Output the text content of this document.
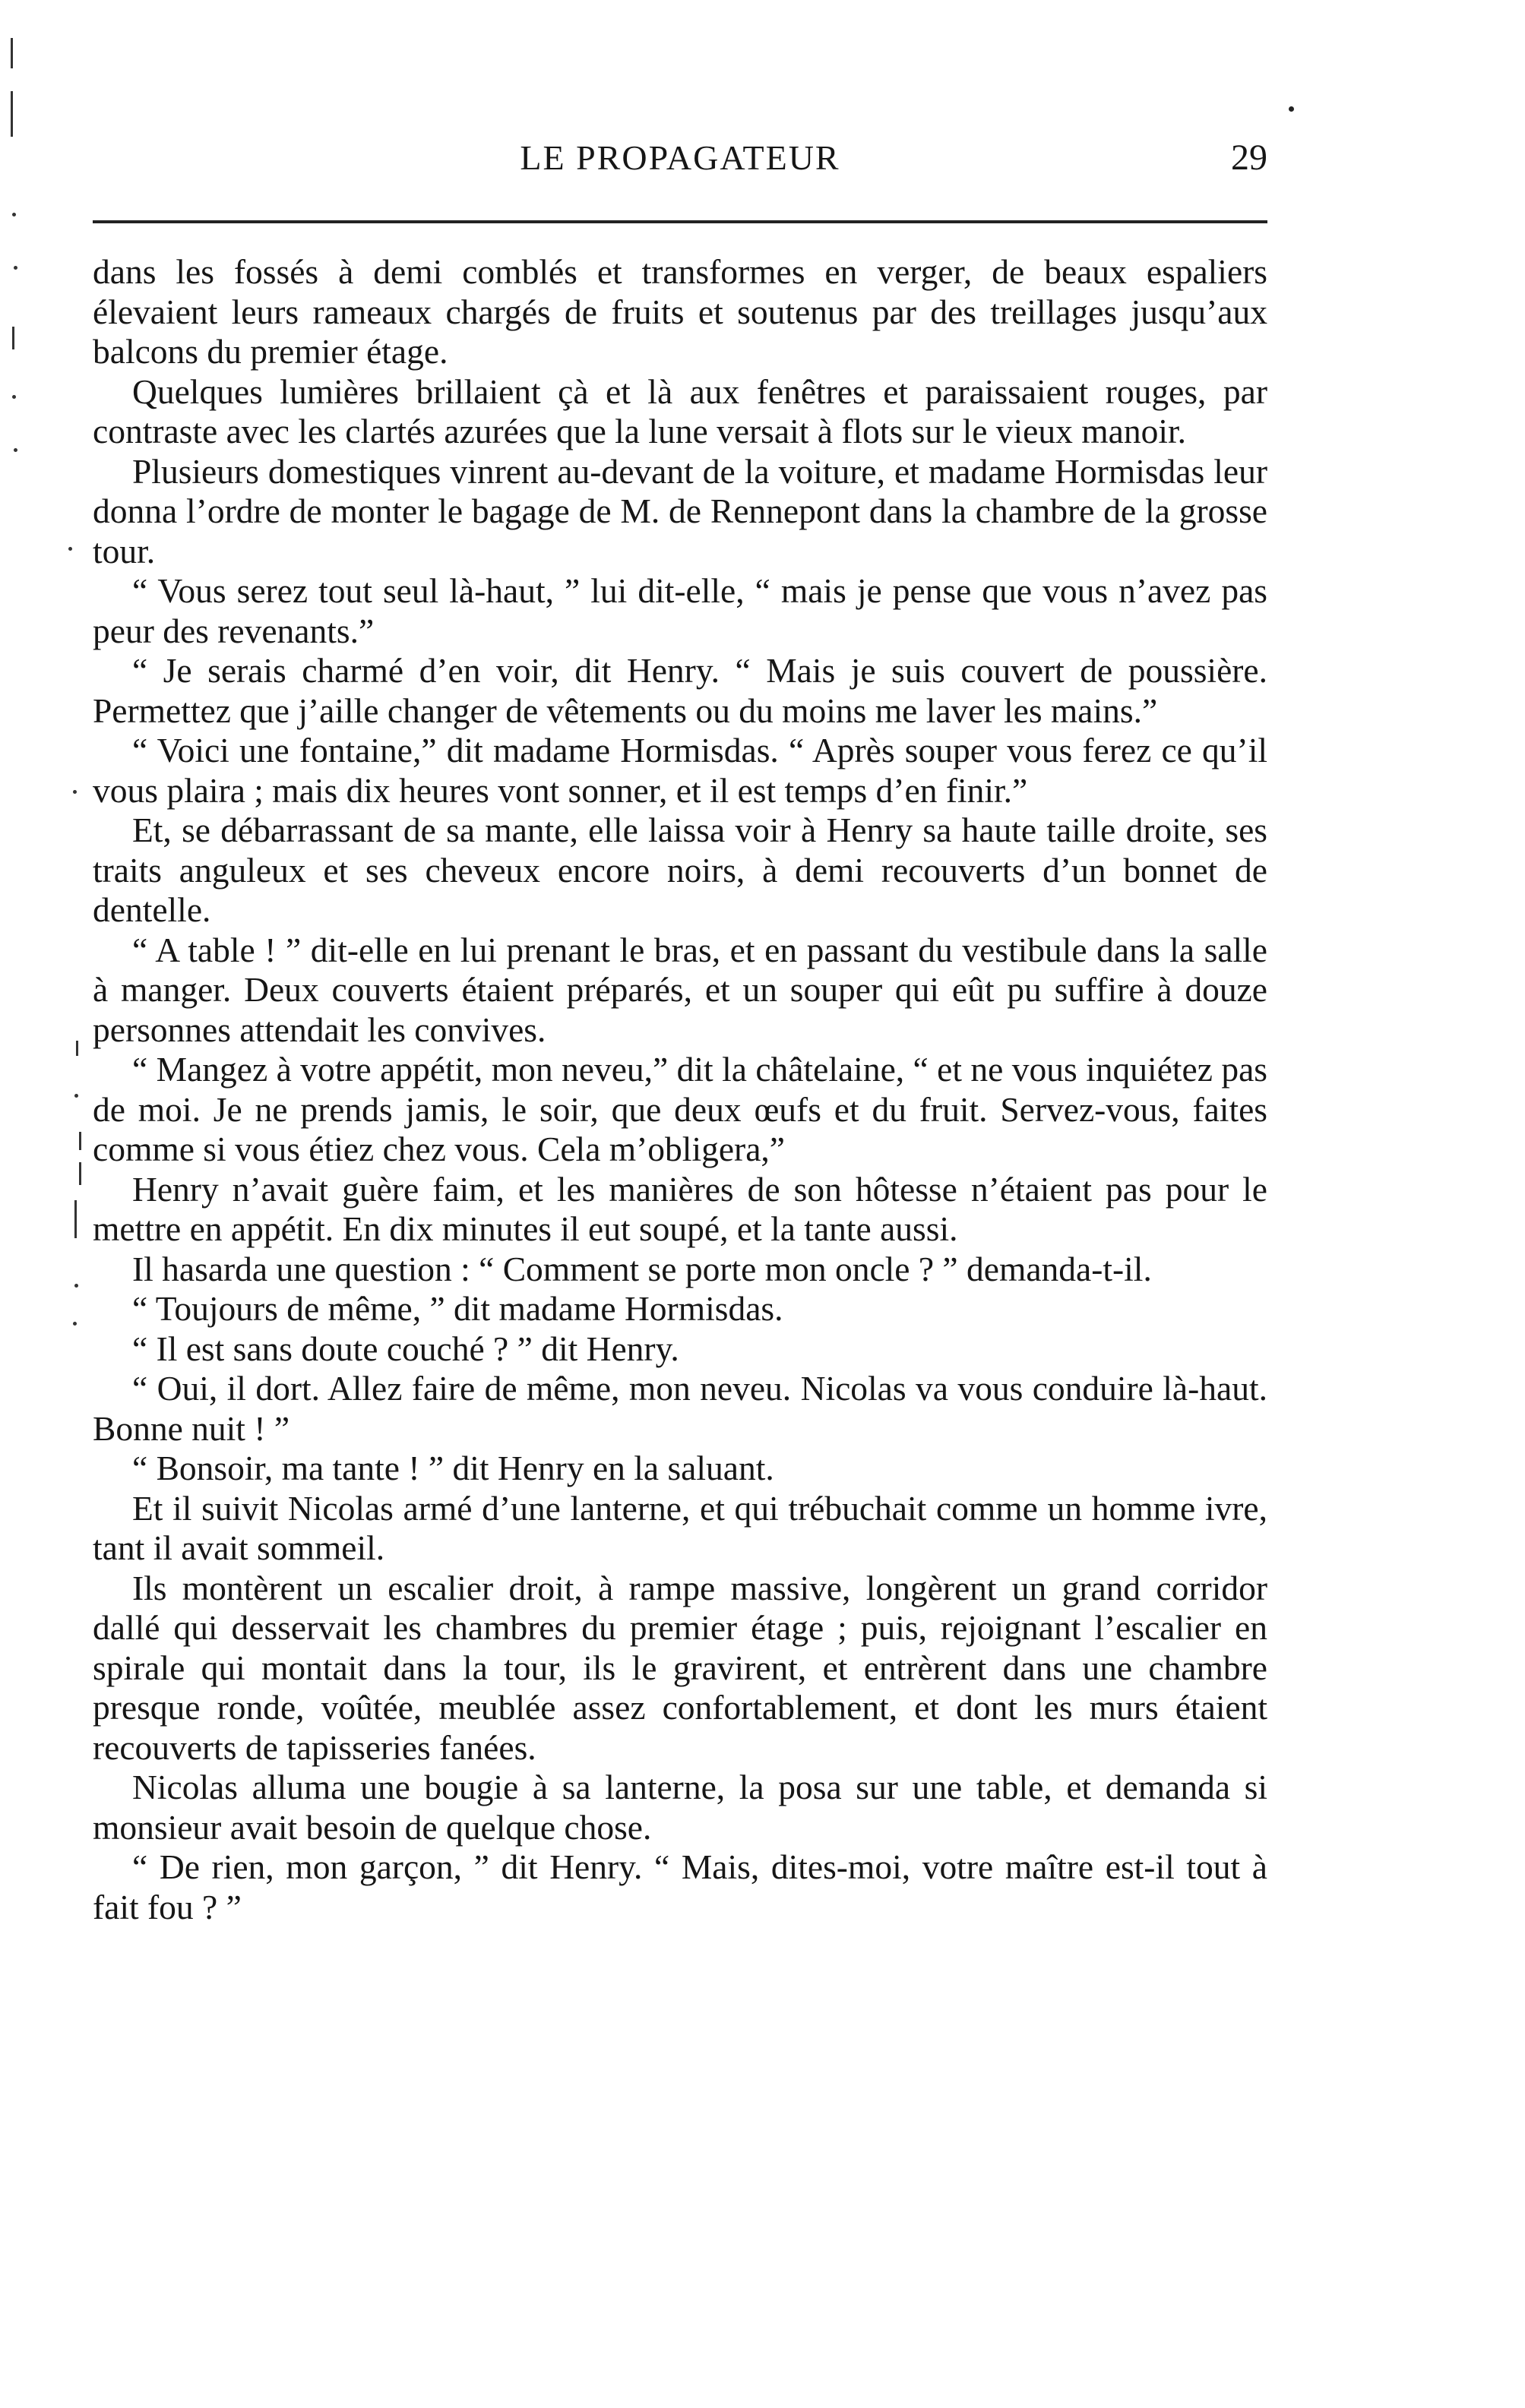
LE PROPAGATEUR	29

dans les fossés à demi comblés et transformes en verger, de beaux espaliers élevaient leurs rameaux chargés de fruits et soutenus par des treillages jusqu’aux balcons du premier étage.

Quelques lumières brillaient çà et là aux fenêtres et paraissaient rouges, par contraste avec les clartés azurées que la lune versait à flots sur le vieux manoir.

Plusieurs domestiques vinrent au-devant de la voiture, et madame Hormisdas leur donna l’ordre de monter le bagage de M. de Rennepont dans la chambre de la grosse tour.

“ Vous serez tout seul là-haut, ” lui dit-elle, “ mais je pense que vous n’avez pas peur des revenants.”

“ Je serais charmé d’en voir, dit Henry. “ Mais je suis couvert de poussière. Permettez que j’aille changer de vêtements ou du moins me laver les mains.”

“ Voici une fontaine,” dit madame Hormisdas. “ Après souper vous ferez ce qu’il vous plaira ; mais dix heures vont sonner, et il est temps d’en finir.”

Et, se débarrassant de sa mante, elle laissa voir à Henry sa haute taille droite, ses traits anguleux et ses cheveux encore noirs, à demi recouverts d’un bonnet de dentelle.

“ A table ! ” dit-elle en lui prenant le bras, et en passant du vestibule dans la salle à manger. Deux couverts étaient préparés, et un souper qui eût pu suffire à douze personnes attendait les convives.

“ Mangez à votre appétit, mon neveu,” dit la châtelaine, “ et ne vous inquiétez pas de moi. Je ne prends jamis, le soir, que deux œufs et du fruit. Servez-vous, faites comme si vous étiez chez vous. Cela m’obligera,”

Henry n’avait guère faim, et les manières de son hôtesse n’étaient pas pour le mettre en appétit. En dix minutes il eut soupé, et la tante aussi.

Il hasarda une question : “ Comment se porte mon oncle ? ” demanda-t-il.

“ Toujours de même, ” dit madame Hormisdas.

“ Il est sans doute couché ? ” dit Henry.

“ Oui, il dort. Allez faire de même, mon neveu. Nicolas va vous conduire là-haut. Bonne nuit ! ”

“ Bonsoir, ma tante ! ” dit Henry en la saluant.

Et il suivit Nicolas armé d’une lanterne, et qui trébuchait comme un homme ivre, tant il avait sommeil.

Ils montèrent un escalier droit, à rampe massive, longèrent un grand corridor dallé qui desservait les chambres du premier étage ; puis, rejoignant l’escalier en spirale qui montait dans la tour, ils le gravirent, et entrèrent dans une chambre presque ronde, voûtée, meublée assez confortablement, et dont les murs étaient recouverts de tapisseries fanées.

Nicolas alluma une bougie à sa lanterne, la posa sur une table, et demanda si monsieur avait besoin de quelque chose.

“ De rien, mon garçon, ” dit Henry. “ Mais, dites-moi, votre maître est-il tout à fait fou ? ”
